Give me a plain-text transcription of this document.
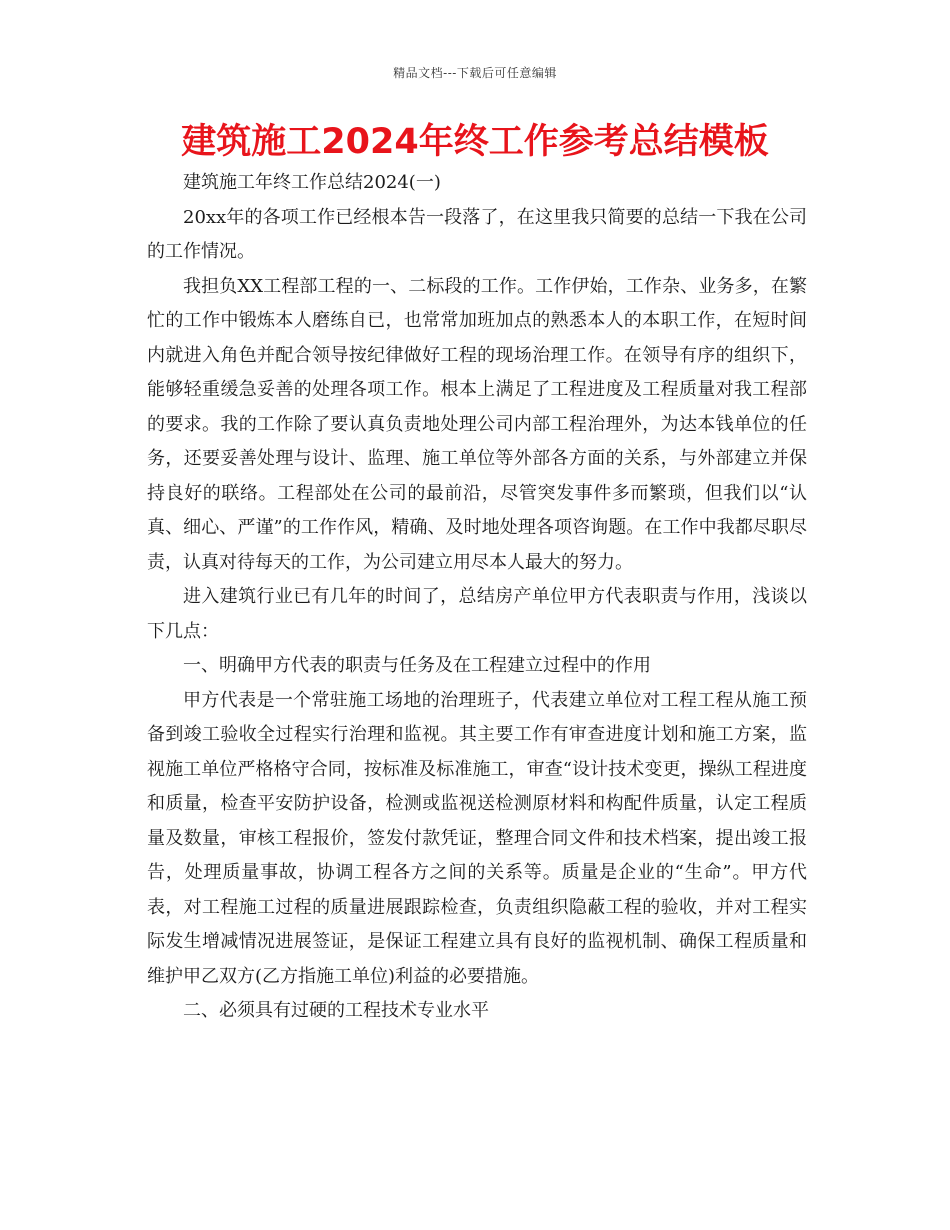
精品文档---下载后可任意编辑
建筑施工2024年终工作参考总结模板

建筑施工年终工作总结2024(一)

20xx年的各项工作已经根本告一段落了，在这里我只简要的总结一下我在公司的工作情况。

我担负XX工程部工程的一、二标段的工作。工作伊始，工作杂、业务多，在繁忙的工作中锻炼本人磨练自已，也常常加班加点的熟悉本人的本职工作，在短时间内就进入角色并配合领导按纪律做好工程的现场治理工作。在领导有序的组织下，能够轻重缓急妥善的处理各项工作。根本上满足了工程进度及工程质量对我工程部的要求。我的工作除了要认真负责地处理公司内部工程治理外，为达本钱单位的任务，还要妥善处理与设计、监理、施工单位等外部各方面的关系，与外部建立并保持良好的联络。工程部处在公司的最前沿，尽管突发事件多而繁琐，但我们以“认真、细心、严谨”的工作作风，精确、及时地处理各项咨询题。在工作中我都尽职尽责，认真对待每天的工作，为公司建立用尽本人最大的努力。

进入建筑行业已有几年的时间了，总结房产单位甲方代表职责与作用，浅谈以下几点：

一、明确甲方代表的职责与任务及在工程建立过程中的作用

甲方代表是一个常驻施工场地的治理班子，代表建立单位对工程工程从施工预备到竣工验收全过程实行治理和监视。其主要工作有审查进度计划和施工方案，监视施工单位严格格守合同，按标准及标准施工，审查“设计技术变更，操纵工程进度和质量，检查平安防护设备，检测或监视送检测原材料和构配件质量，认定工程质量及数量，审核工程报价，签发付款凭证，整理合同文件和技术档案，提出竣工报告，处理质量事故，协调工程各方之间的关系等。质量是企业的“生命”。甲方代表，对工程施工过程的质量进展跟踪检查，负责组织隐蔽工程的验收，并对工程实际发生增减情况进展签证，是保证工程建立具有良好的监视机制、确保工程质量和维护甲乙双方(乙方指施工单位)利益的必要措施。

二、必须具有过硬的工程技术专业水平
